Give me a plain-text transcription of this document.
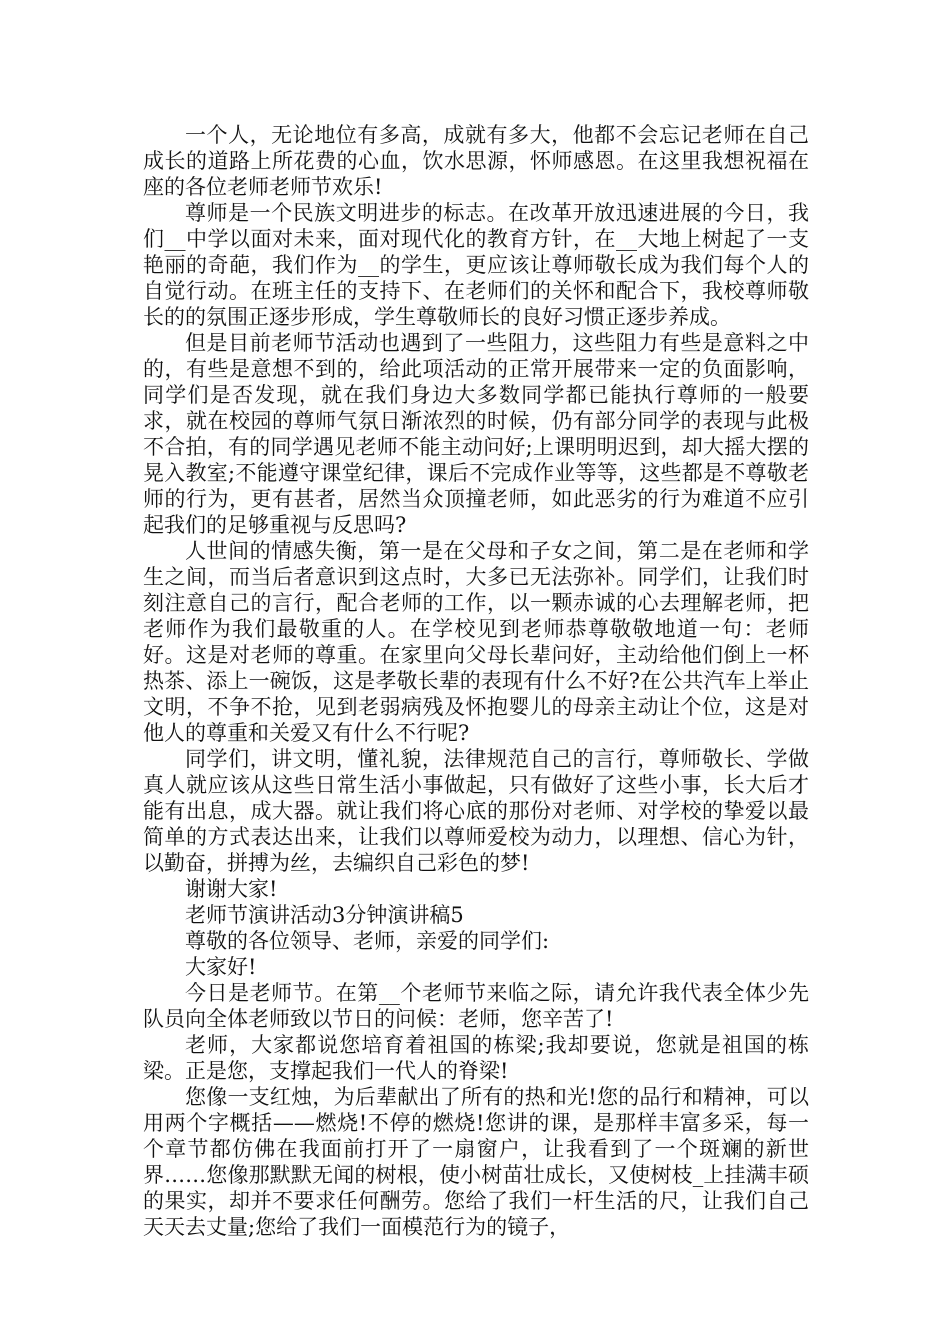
一个人，无论地位有多高，成就有多大，他都不会忘记老师在自己成长的道路上所花费的心血，饮水思源，怀师感恩。在这里我想祝福在座的各位老师老师节欢乐!

尊师是一个民族文明进步的标志。在改革开放迅速进展的今日，我们__中学以面对未来，面对现代化的教育方针，在__大地上树起了一支艳丽的奇葩，我们作为__的学生，更应该让尊师敬长成为我们每个人的自觉行动。在班主任的支持下、在老师们的关怀和配合下，我校尊师敬长的的氛围正逐步形成，学生尊敬师长的良好习惯正逐步养成。

但是目前老师节活动也遇到了一些阻力，这些阻力有些是意料之中的，有些是意想不到的，给此项活动的正常开展带来一定的负面影响，同学们是否发现，就在我们身边大多数同学都已能执行尊师的一般要求，就在校园的尊师气氛日渐浓烈的时候，仍有部分同学的表现与此极不合拍，有的同学遇见老师不能主动问好;上课明明迟到，却大摇大摆的晃入教室;不能遵守课堂纪律，课后不完成作业等等，这些都是不尊敬老师的行为，更有甚者，居然当众顶撞老师，如此恶劣的行为难道不应引起我们的足够重视与反思吗?

人世间的情感失衡，第一是在父母和子女之间，第二是在老师和学生之间，而当后者意识到这点时，大多已无法弥补。同学们，让我们时刻注意自己的言行，配合老师的工作，以一颗赤诚的心去理解老师，把老师作为我们最敬重的人。在学校见到老师恭尊敬敬地道一句：老师好。这是对老师的尊重。在家里向父母长辈问好，主动给他们倒上一杯热茶、添上一碗饭，这是孝敬长辈的表现有什么不好?在公共汽车上举止文明，不争不抢，见到老弱病残及怀抱婴儿的母亲主动让个位，这是对他人的尊重和关爱又有什么不行呢?

同学们，讲文明，懂礼貌，法律规范自己的言行，尊师敬长、学做真人就应该从这些日常生活小事做起，只有做好了这些小事，长大后才能有出息，成大器。就让我们将心底的那份对老师、对学校的挚爱以最简单的方式表达出来，让我们以尊师爱校为动力，以理想、信心为针，以勤奋，拼搏为丝，去编织自己彩色的梦!

谢谢大家!

老师节演讲活动3分钟演讲稿5

尊敬的各位领导、老师，亲爱的同学们:

大家好!

今日是老师节。在第__个老师节来临之际，请允许我代表全体少先队员向全体老师致以节日的问候：老师，您辛苦了!

老师，大家都说您培育着祖国的栋梁;我却要说，您就是祖国的栋梁。正是您，支撑起我们一代人的脊梁!

您像一支红烛，为后辈献出了所有的热和光!您的品行和精神，可以用两个字概括——燃烧!不停的燃烧!您讲的课，是那样丰富多采，每一个章节都仿佛在我面前打开了一扇窗户，让我看到了一个斑斓的新世界……您像那默默无闻的树根，使小树苗壮成长，又使树枝_上挂满丰硕的果实，却并不要求任何酬劳。您给了我们一杆生活的尺，让我们自己天天去丈量;您给了我们一面模范行为的镜子，
